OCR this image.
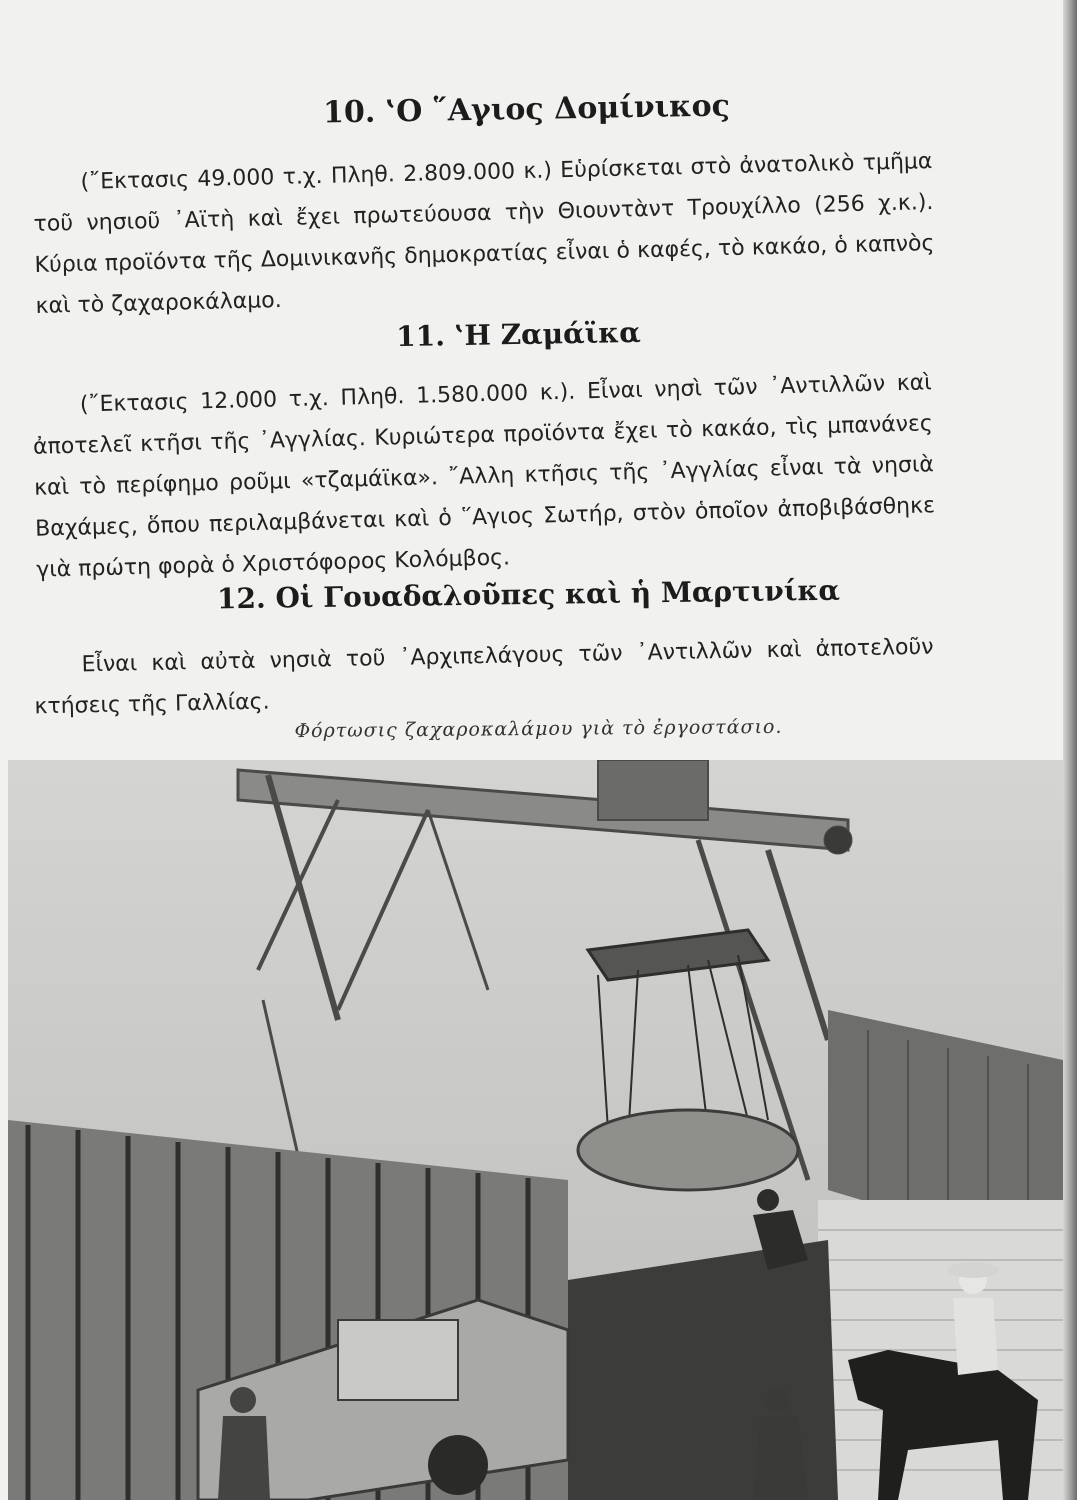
10. ‛Ο ῞Αγιος Δομίνικος

(῎Εκτασις 49.000 τ.χ. Πληθ. 2.809.000 κ.) Εὑρίσκεται στὸ ἀνατολικὸ τμῆμα τοῦ νησιοῦ ᾿Αϊτὴ καὶ ἔχει πρωτεύουσα τὴν Θιουντὰντ Τρουχίλλο (256 χ.κ.). Κύρια προϊόντα τῆς Δομινικανῆς δημοκρατίας εἶναι ὁ καφές, τὸ κακάο, ὁ καπνὸς καὶ τὸ ζαχαροκάλαμο.

11. ‛Η Ζαμάϊκα

(῎Εκτασις 12.000 τ.χ. Πληθ. 1.580.000 κ.). Εἶναι νησὶ τῶν ᾿Αντιλλῶν καὶ ἀποτελεῖ κτῆσι τῆς ᾿Αγγλίας. Κυριώτερα προϊόντα ἔχει τὸ κακάο, τὶς μπανάνες καὶ τὸ περίφημο ροῦμι «τζαμάϊκα». ῎Αλλη κτῆσις τῆς ᾿Αγγλίας εἶναι τὰ νησιὰ Βαχάμες, ὅπου περιλαμβάνεται καὶ ὁ ῞Αγιος Σωτήρ, στὸν ὁποῖον ἀποβιβάσθηκε γιὰ πρώτη φορὰ ὁ Χριστόφορος Κολόμβος.

12. Οἱ Γουαδαλοῦπες καὶ ἡ Μαρτινίκα

Εἶναι καὶ αὐτὰ νησιὰ τοῦ ᾿Αρχιπελάγους τῶν ᾿Αντιλλῶν καὶ ἀποτελοῦν κτήσεις τῆς Γαλλίας.

Φόρτωσις ζαχαροκαλάμου γιὰ τὸ ἐργοστάσιο.
